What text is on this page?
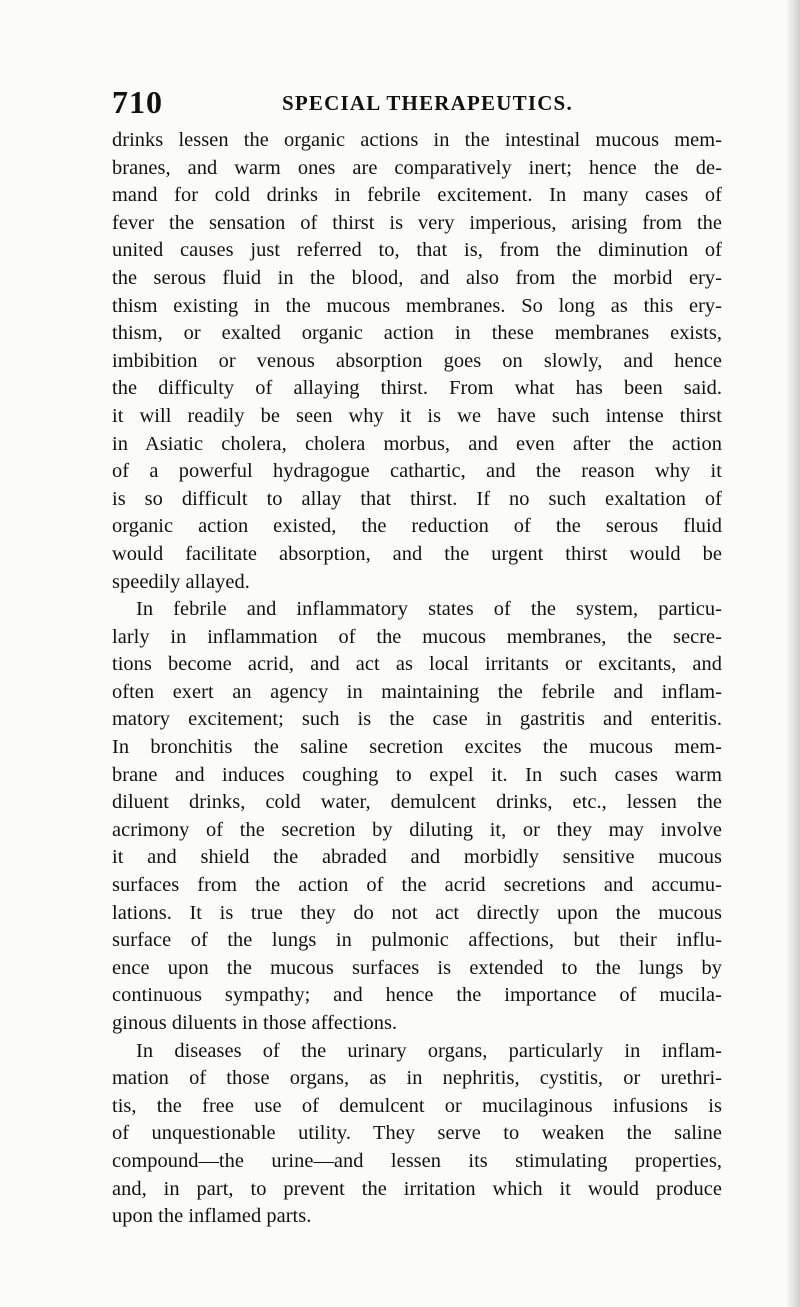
710	SPECIAL THERAPEUTICS.
drinks lessen the organic actions in the intestinal mucous mem-
branes, and warm ones are comparatively inert; hence the de-
mand for cold drinks in febrile excitement. In many cases of
fever the sensation of thirst is very imperious, arising from the
united causes just referred to, that is, from the diminution of
the serous fluid in the blood, and also from the morbid ery-
thism existing in the mucous membranes. So long as this ery-
thism, or exalted organic action in these membranes exists,
imbibition or venous absorption goes on slowly, and hence
the difficulty of allaying thirst. From what has been said.
it will readily be seen why it is we have such intense thirst
in Asiatic cholera, cholera morbus, and even after the action
of a powerful hydragogue cathartic, and the reason why it
is so difficult to allay that thirst. If no such exaltation of
organic action existed, the reduction of the serous fluid
would facilitate absorption, and the urgent thirst would be
speedily allayed.
In febrile and inflammatory states of the system, particu-
larly in inflammation of the mucous membranes, the secre-
tions become acrid, and act as local irritants or excitants, and
often exert an agency in maintaining the febrile and inflam-
matory excitement; such is the case in gastritis and enteritis.
In bronchitis the saline secretion excites the mucous mem-
brane and induces coughing to expel it. In such cases warm
diluent drinks, cold water, demulcent drinks, etc., lessen the
acrimony of the secretion by diluting it, or they may involve
it and shield the abraded and morbidly sensitive mucous
surfaces from the action of the acrid secretions and accumu-
lations. It is true they do not act directly upon the mucous
surface of the lungs in pulmonic affections, but their influ-
ence upon the mucous surfaces is extended to the lungs by
continuous sympathy; and hence the importance of mucila-
ginous diluents in those affections.
In diseases of the urinary organs, particularly in inflam-
mation of those organs, as in nephritis, cystitis, or urethri-
tis, the free use of demulcent or mucilaginous infusions is
of unquestionable utility. They serve to weaken the saline
compound—the urine—and lessen its stimulating properties,
and, in part, to prevent the irritation which it would produce
upon the inflamed parts.
